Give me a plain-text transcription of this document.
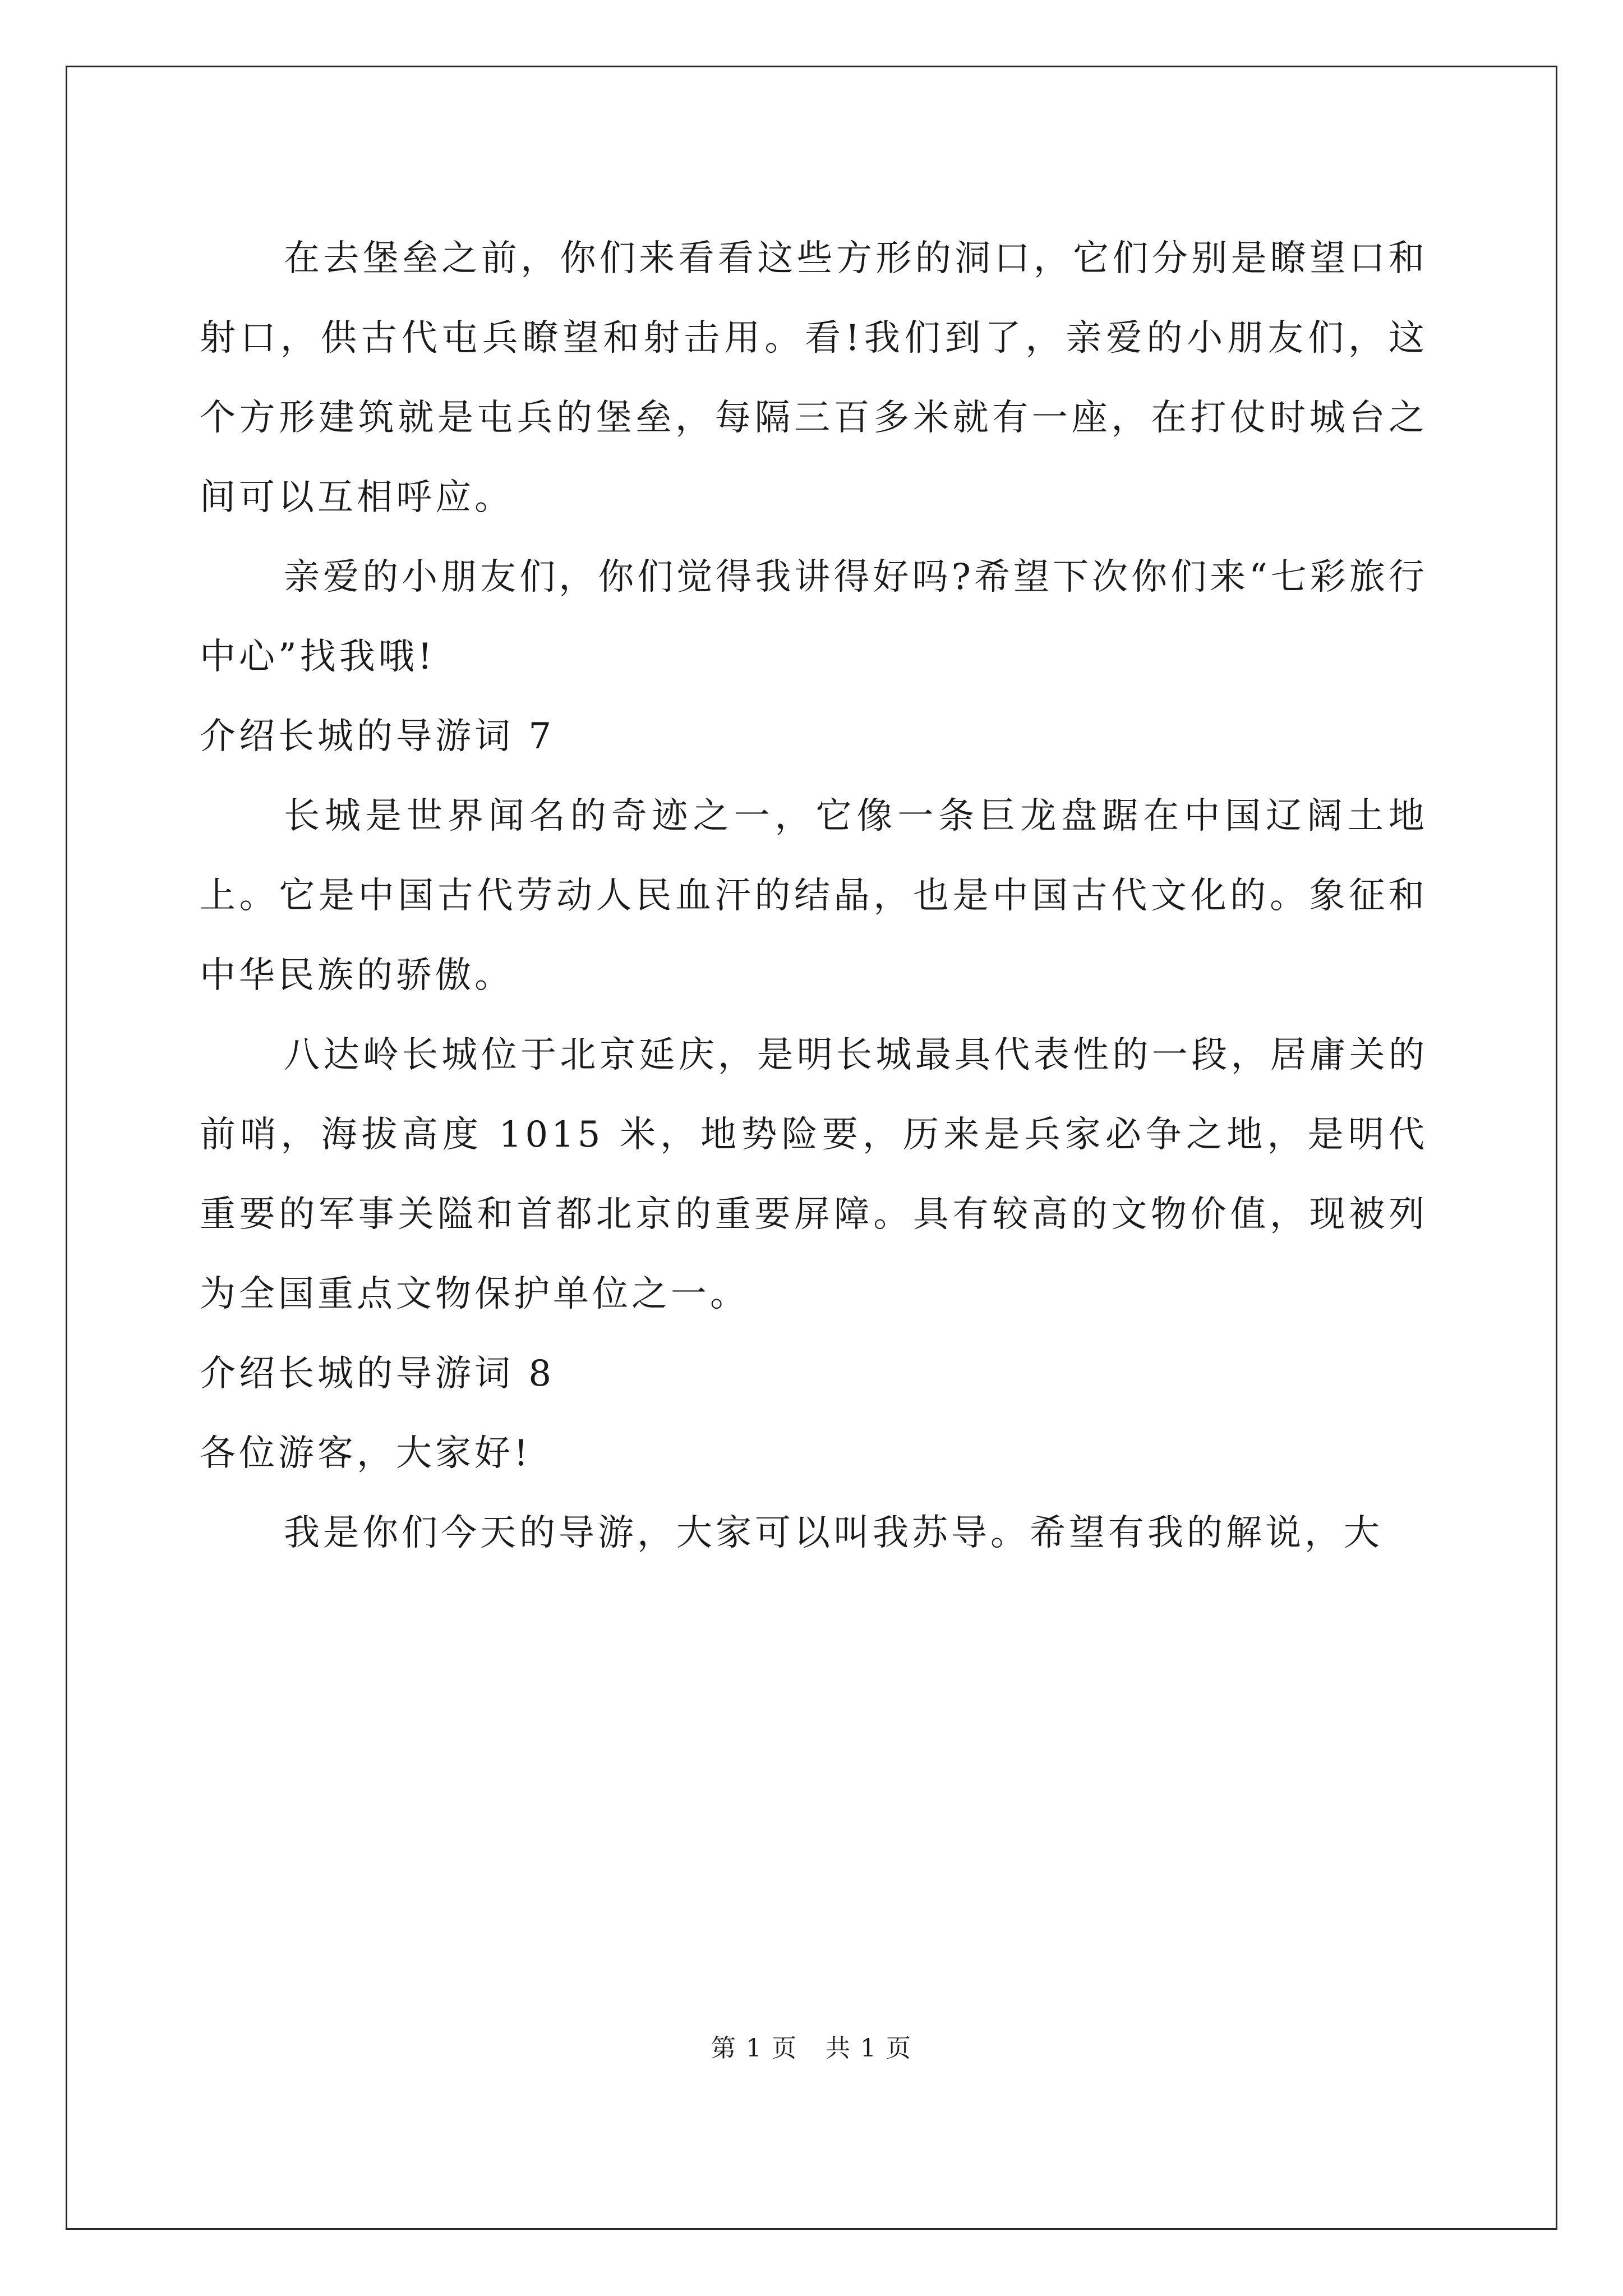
在去堡垒之前，你们来看看这些方形的洞口，它们分别是瞭望口和射口，供古代屯兵瞭望和射击用。看!我们到了，亲爱的小朋友们，这个方形建筑就是屯兵的堡垒，每隔三百多米就有一座，在打仗时城台之间可以互相呼应。

亲爱的小朋友们，你们觉得我讲得好吗?希望下次你们来“七彩旅行中心”找我哦!

介绍长城的导游词 7

长城是世界闻名的奇迹之一，它像一条巨龙盘踞在中国辽阔土地上。它是中国古代劳动人民血汗的结晶，也是中国古代文化的。象征和中华民族的骄傲。

八达岭长城位于北京延庆，是明长城最具代表性的一段，居庸关的前哨，海拔高度 1015 米，地势险要，历来是兵家必争之地，是明代重要的军事关隘和首都北京的重要屏障。具有较高的文物价值，现被列为全国重点文物保护单位之一。

介绍长城的导游词 8

各位游客，大家好!

我是你们今天的导游，大家可以叫我苏导。希望有我的解说，大

第 1 页 共 1 页
